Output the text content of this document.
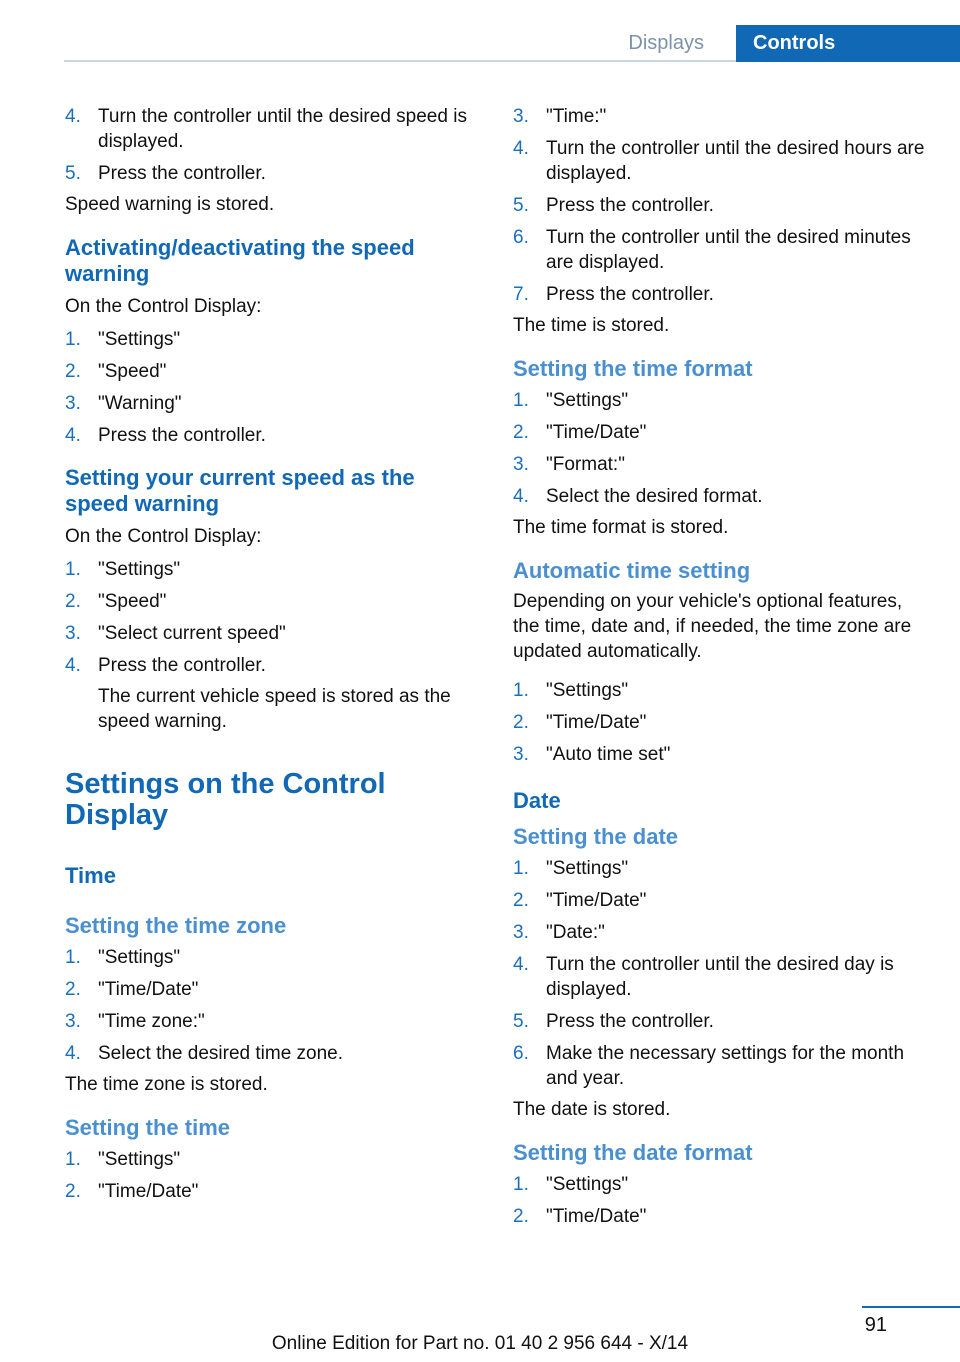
Displays	Controls
4. Turn the controller until the desired speed is displayed.
5. Press the controller.

Speed warning is stored.

Activating/deactivating the speed warning

On the Control Display:

1. "Settings"
2. "Speed"
3. "Warning"
4. Press the controller.
Setting your current speed as the speed warning

On the Control Display:

1. "Settings"
2. "Speed"
3. "Select current speed"
4. Press the controller.
The current vehicle speed is stored as the speed warning.
Settings on the Control Display
Time
Setting the time zone
1. "Settings"
2. "Time/Date"
3. "Time zone:"
4. Select the desired time zone.

The time zone is stored.

Setting the time
1. "Settings"
2. "Time/Date"
3. "Time:"
4. Turn the controller until the desired hours are displayed.
5. Press the controller.
6. Turn the controller until the desired minutes are displayed.
7. Press the controller.

The time is stored.

Setting the time format
1. "Settings"
2. "Time/Date"
3. "Format:"
4. Select the desired format.

The time format is stored.

Automatic time setting

Depending on your vehicle's optional features, the time, date and, if needed, the time zone are updated automatically.

1. "Settings"
2. "Time/Date"
3. "Auto time set"
Date
Setting the date
1. "Settings"
2. "Time/Date"
3. "Date:"
4. Turn the controller until the desired day is displayed.
5. Press the controller.
6. Make the necessary settings for the month and year.

The date is stored.

Setting the date format
1. "Settings"
2. "Time/Date"
91
Online Edition for Part no. 01 40 2 956 644 - X/14
